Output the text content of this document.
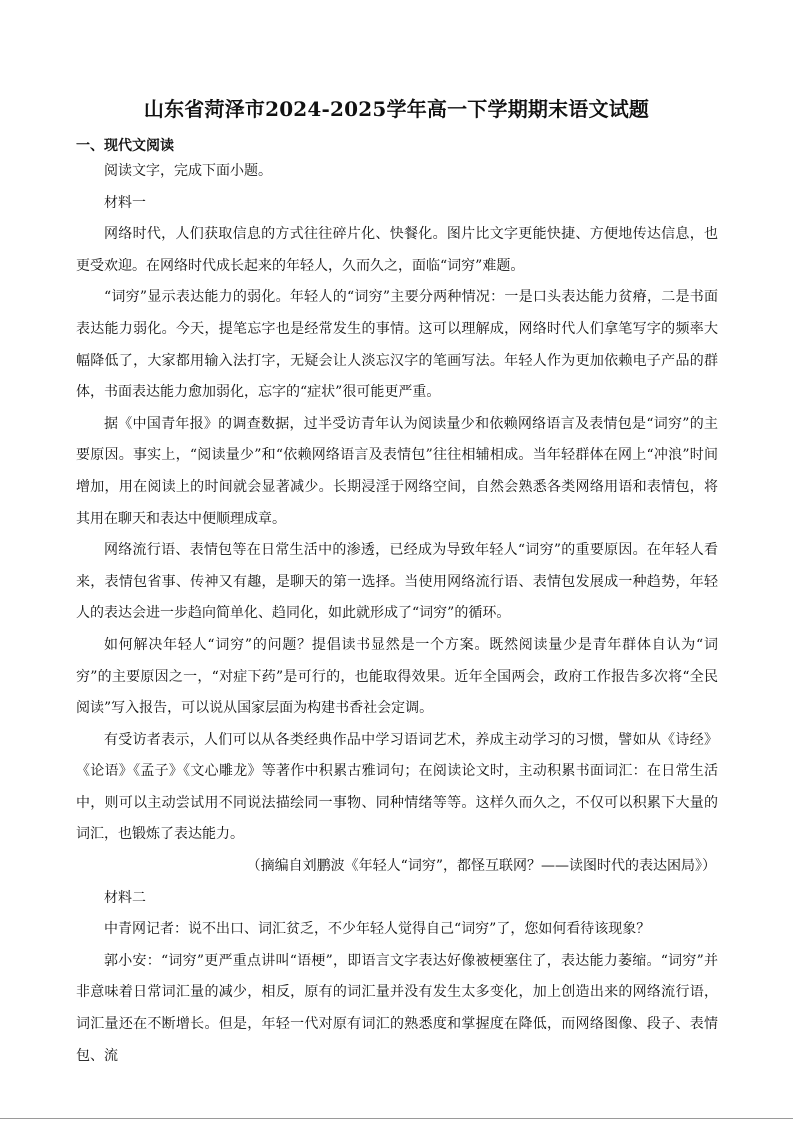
山东省菏泽市2024-2025学年高一下学期期末语文试题
一、现代文阅读

阅读文字，完成下面小题。

材料一

网络时代，人们获取信息的方式往往碎片化、快餐化。图片比文字更能快捷、方便地传达信息，也更受欢迎。在网络时代成长起来的年轻人，久而久之，面临“词穷”难题。

“词穷”显示表达能力的弱化。年轻人的“词穷”主要分两种情况：一是口头表达能力贫瘠，二是书面表达能力弱化。今天，提笔忘字也是经常发生的事情。这可以理解成，网络时代人们拿笔写字的频率大幅降低了，大家都用输入法打字，无疑会让人淡忘汉字的笔画写法。年轻人作为更加依赖电子产品的群体，书面表达能力愈加弱化，忘字的“症状”很可能更严重。

据《中国青年报》的调查数据，过半受访青年认为阅读量少和依赖网络语言及表情包是“词穷”的主要原因。事实上，“阅读量少”和“依赖网络语言及表情包”往往相辅相成。当年轻群体在网上“冲浪”时间增加，用在阅读上的时间就会显著减少。长期浸淫于网络空间，自然会熟悉各类网络用语和表情包，将其用在聊天和表达中便顺理成章。

网络流行语、表情包等在日常生活中的渗透，已经成为导致年轻人“词穷”的重要原因。在年轻人看来，表情包省事、传神又有趣，是聊天的第一选择。当使用网络流行语、表情包发展成一种趋势，年轻人的表达会进一步趋向简单化、趋同化，如此就形成了“词穷”的循环。

如何解决年轻人“词穷”的问题？提倡读书显然是一个方案。既然阅读量少是青年群体自认为“词穷”的主要原因之一，“对症下药”是可行的，也能取得效果。近年全国两会，政府工作报告多次将“全民阅读”写入报告，可以说从国家层面为构建书香社会定调。

有受访者表示，人们可以从各类经典作品中学习语词艺术，养成主动学习的习惯，譬如从《诗经》《论语》《孟子》《文心雕龙》等著作中积累古雅词句；在阅读论文时，主动积累书面词汇：在日常生活中，则可以主动尝试用不同说法描绘同一事物、同种情绪等等。这样久而久之，不仅可以积累下大量的词汇，也锻炼了表达能力。

（摘编自刘鹏波《年轻人“词穷”，都怪互联网？——读图时代的表达困局》）

材料二

中青网记者：说不出口、词汇贫乏，不少年轻人觉得自己“词穷”了，您如何看待该现象？

郭小安：“词穷”更严重点讲叫“语梗”，即语言文字表达好像被梗塞住了，表达能力萎缩。“词穷”并非意味着日常词汇量的减少，相反，原有的词汇量并没有发生太多变化，加上创造出来的网络流行语，词汇量还在不断增长。但是，年轻一代对原有词汇的熟悉度和掌握度在降低，而网络图像、段子、表情包、流
